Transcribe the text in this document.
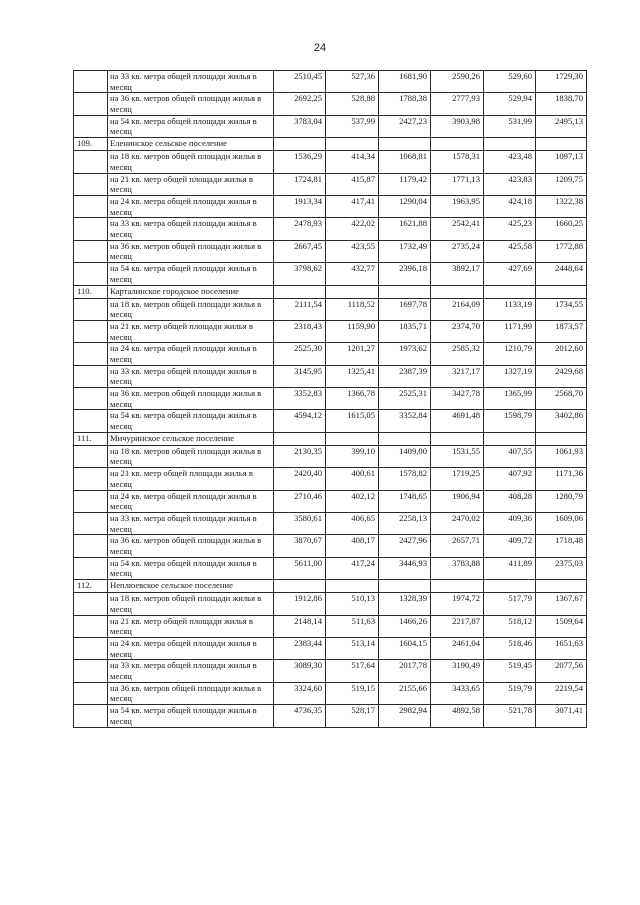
24
	на 33 кв. метра общей площади жилья в месяц	2510,45	527,36	1681,90	2590,26	529,60	1729,30
	на 36 кв. метров общей площади жилья в месяц	2692,25	528,88	1788,38	2777,93	529,94	1838,70
	на 54 кв. метра общей площади жилья в месяц	3783,04	537,99	2427,23	3903,98	531,99	2495,13
109.	Еленинское сельское поселение						
	на 18 кв. метров общей площади жилья в месяц	1536,29	414,34	1068,81	1578,31	423,48	1097,13
	на 21 кв. метр общей площади жилья в месяц	1724,81	415,87	1179,42	1771,13	423,83	1209,75
	на 24 кв. метра общей площади жилья в месяц	1913,34	417,41	1290,04	1963,95	424,18	1322,38
	на 33 кв. метра общей площади жилья в месяц	2478,93	422,02	1621,88	2542,41	425,23	1660,25
	на 36 кв. метров общей площади жилья в месяц	2667,45	423,55	1732,49	2735,24	425,58	1772,88
	на 54 кв. метра общей площади жилья в месяц	3798,62	432,77	2396,18	3892,17	427,69	2448,64
110.	Карталинское городское поселение						
	на 18 кв. метров общей площади жилья в месяц	2111,54	1118,52	1697,78	2164,09	1133,19	1734,55
	на 21 кв. метр общей площади жилья в месяц	2318,43	1159,90	1835,71	2374,70	1171,99	1873,57
	на 24 кв. метра общей площади жилья в месяц	2525,30	1201,27	1973,62	2585,32	1210,79	2012,60
	на 33 кв. метра общей площади жилья в месяц	3145,95	1325,41	2387,39	3217,17	1327,19	2429,68
	на 36 кв. метров общей площади жилья в месяц	3352,83	1366,78	2525,31	3427,78	1365,99	2568,70
	на 54 кв. метра общей площади жилья в месяц	4594,12	1615,05	3352,84	4691,48	1598,79	3402,86
111.	Мичуринское сельское поселение						
	на 18 кв. метров общей площади жилья в месяц	2130,35	399,10	1409,00	1531,55	407,55	1061,93
	на 21 кв. метр общей площади жилья в месяц	2420,40	400,61	1578,82	1719,25	407,92	1171,36
	на 24 кв. метра общей площади жилья в месяц	2710,46	402,12	1748,65	1906,94	408,28	1280,79
	на 33 кв. метра общей площади жилья в месяц	3580,61	406,65	2258,13	2470,02	409,36	1609,06
	на 36 кв. метров общей площади жилья в месяц	3870,67	408,17	2427,96	2657,71	409,72	1718,48
	на 54 кв. метра общей площади жилья в месяц	5611,00	417,24	3446,93	3783,88	411,89	2375,03
112.	Неплюевское сельское поселение						
	на 18 кв. метров общей площади жилья в месяц	1912,86	510,13	1328,39	1974,72	517,79	1367,67
	на 21 кв. метр общей площади жилья в месяц	2148,14	511,63	1466,26	2217,87	518,12	1509,64
	на 24 кв. метра общей площади жилья в месяц	2383,44	513,14	1604,15	2461,04	518,46	1651,63
	на 33 кв. метра общей площади жилья в месяц	3089,30	517,64	2017,78	3190,49	519,45	2077,56
	на 36 кв. метров общей площади жилья в месяц	3324,60	519,15	2155,66	3433,65	519,79	2219,54
	на 54 кв. метра общей площади жилья в месяц	4736,35	528,17	2982,94	4892,58	521,78	3071,41
